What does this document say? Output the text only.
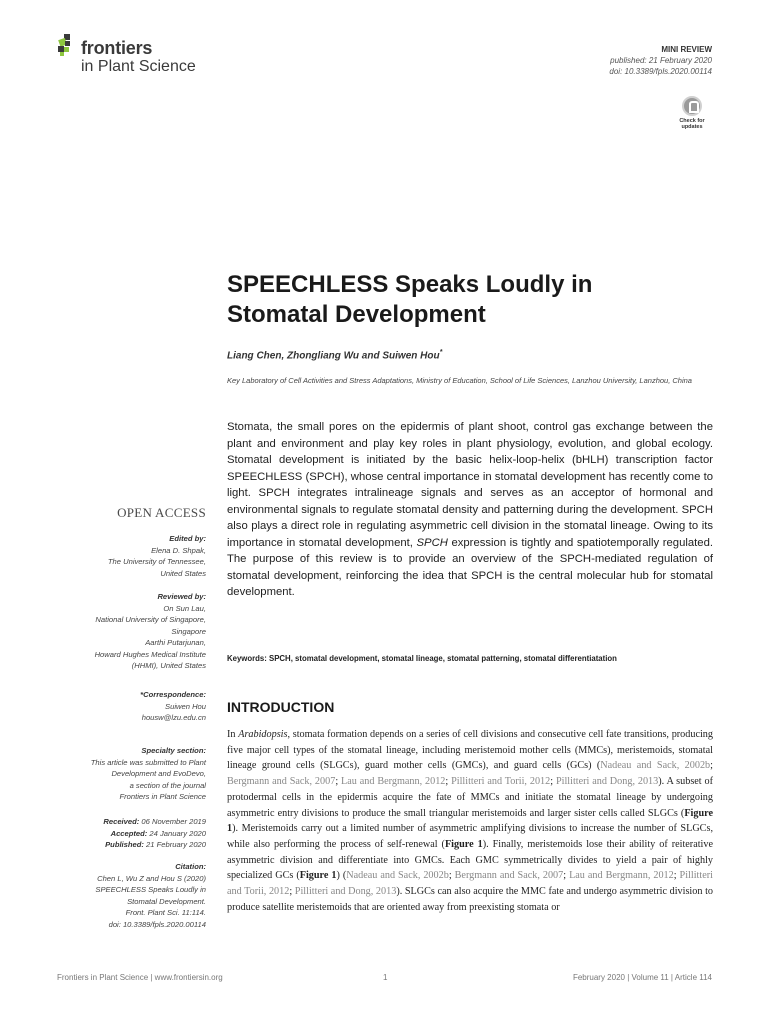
frontiers
in Plant Science
MINI REVIEW
published: 21 February 2020
doi: 10.3389/fpls.2020.00114
Check for updates
SPEECHLESS Speaks Loudly in Stomatal Development
Liang Chen, Zhongliang Wu and Suiwen Hou*
Key Laboratory of Cell Activities and Stress Adaptations, Ministry of Education, School of Life Sciences, Lanzhou University, Lanzhou, China

Stomata, the small pores on the epidermis of plant shoot, control gas exchange between the plant and environment and play key roles in plant physiology, evolution, and global ecology. Stomatal development is initiated by the basic helix-loop-helix (bHLH) transcription factor SPEECHLESS (SPCH), whose central importance in stomatal development has recently come to light. SPCH integrates intralineage signals and serves as an acceptor of hormonal and environmental signals to regulate stomatal density and patterning during the development. SPCH also plays a direct role in regulating asymmetric cell division in the stomatal lineage. Owing to its importance in stomatal development, SPCH expression is tightly and spatiotemporally regulated. The purpose of this review is to provide an overview of the SPCH-mediated regulation of stomatal development, reinforcing the idea that SPCH is the central molecular hub for stomatal development.

Keywords: SPCH, stomatal development, stomatal lineage, stomatal patterning, stomatal differentiatation
OPEN ACCESS
Edited by:
Elena D. Shpak,
The University of Tennessee,
United States
Reviewed by:
On Sun Lau,
National University of Singapore,
Singapore
Aarthi Putarjunan,
Howard Hughes Medical Institute
(HHMI), United States
*Correspondence:
Suiwen Hou
housw@lzu.edu.cn
Specialty section:
This article was submitted to Plant
Development and EvoDevo,
a section of the journal
Frontiers in Plant Science
Received: 06 November 2019
Accepted: 24 January 2020
Published: 21 February 2020
Citation:
Chen L, Wu Z and Hou S (2020)
SPEECHLESS Speaks Loudly in
Stomatal Development.
Front. Plant Sci. 11:114.
doi: 10.3389/fpls.2020.00114
INTRODUCTION
In Arabidopsis, stomata formation depends on a series of cell divisions and consecutive cell fate transitions, producing five major cell types of the stomatal lineage, including meristemoid mother cells (MMCs), meristemoids, stomatal lineage ground cells (SLGCs), guard mother cells (GMCs), and guard cells (GCs) (Nadeau and Sack, 2002b; Bergmann and Sack, 2007; Lau and Bergmann, 2012; Pillitteri and Torii, 2012; Pillitteri and Dong, 2013). A subset of protodermal cells in the epidermis acquire the fate of MMCs and initiate the stomatal lineage by undergoing asymmetric entry divisions to produce the small triangular meristemoids and larger sister cells called SLGCs (Figure 1). Meristemoids carry out a limited number of asymmetric amplifying divisions to increase the number of SLGCs, while also performing the process of self-renewal (Figure 1). Finally, meristemoids lose their ability of reiterative asymmetric division and differentiate into GMCs. Each GMC symmetrically divides to yield a pair of highly specialized GCs (Figure 1) (Nadeau and Sack, 2002b; Bergmann and Sack, 2007; Lau and Bergmann, 2012; Pillitteri and Torii, 2012; Pillitteri and Dong, 2013). SLGCs can also acquire the MMC fate and undergo asymmetric division to produce satellite meristemoids that are oriented away from preexisting stomata or
Frontiers in Plant Science | www.frontiersin.org	1	February 2020 | Volume 11 | Article 114
